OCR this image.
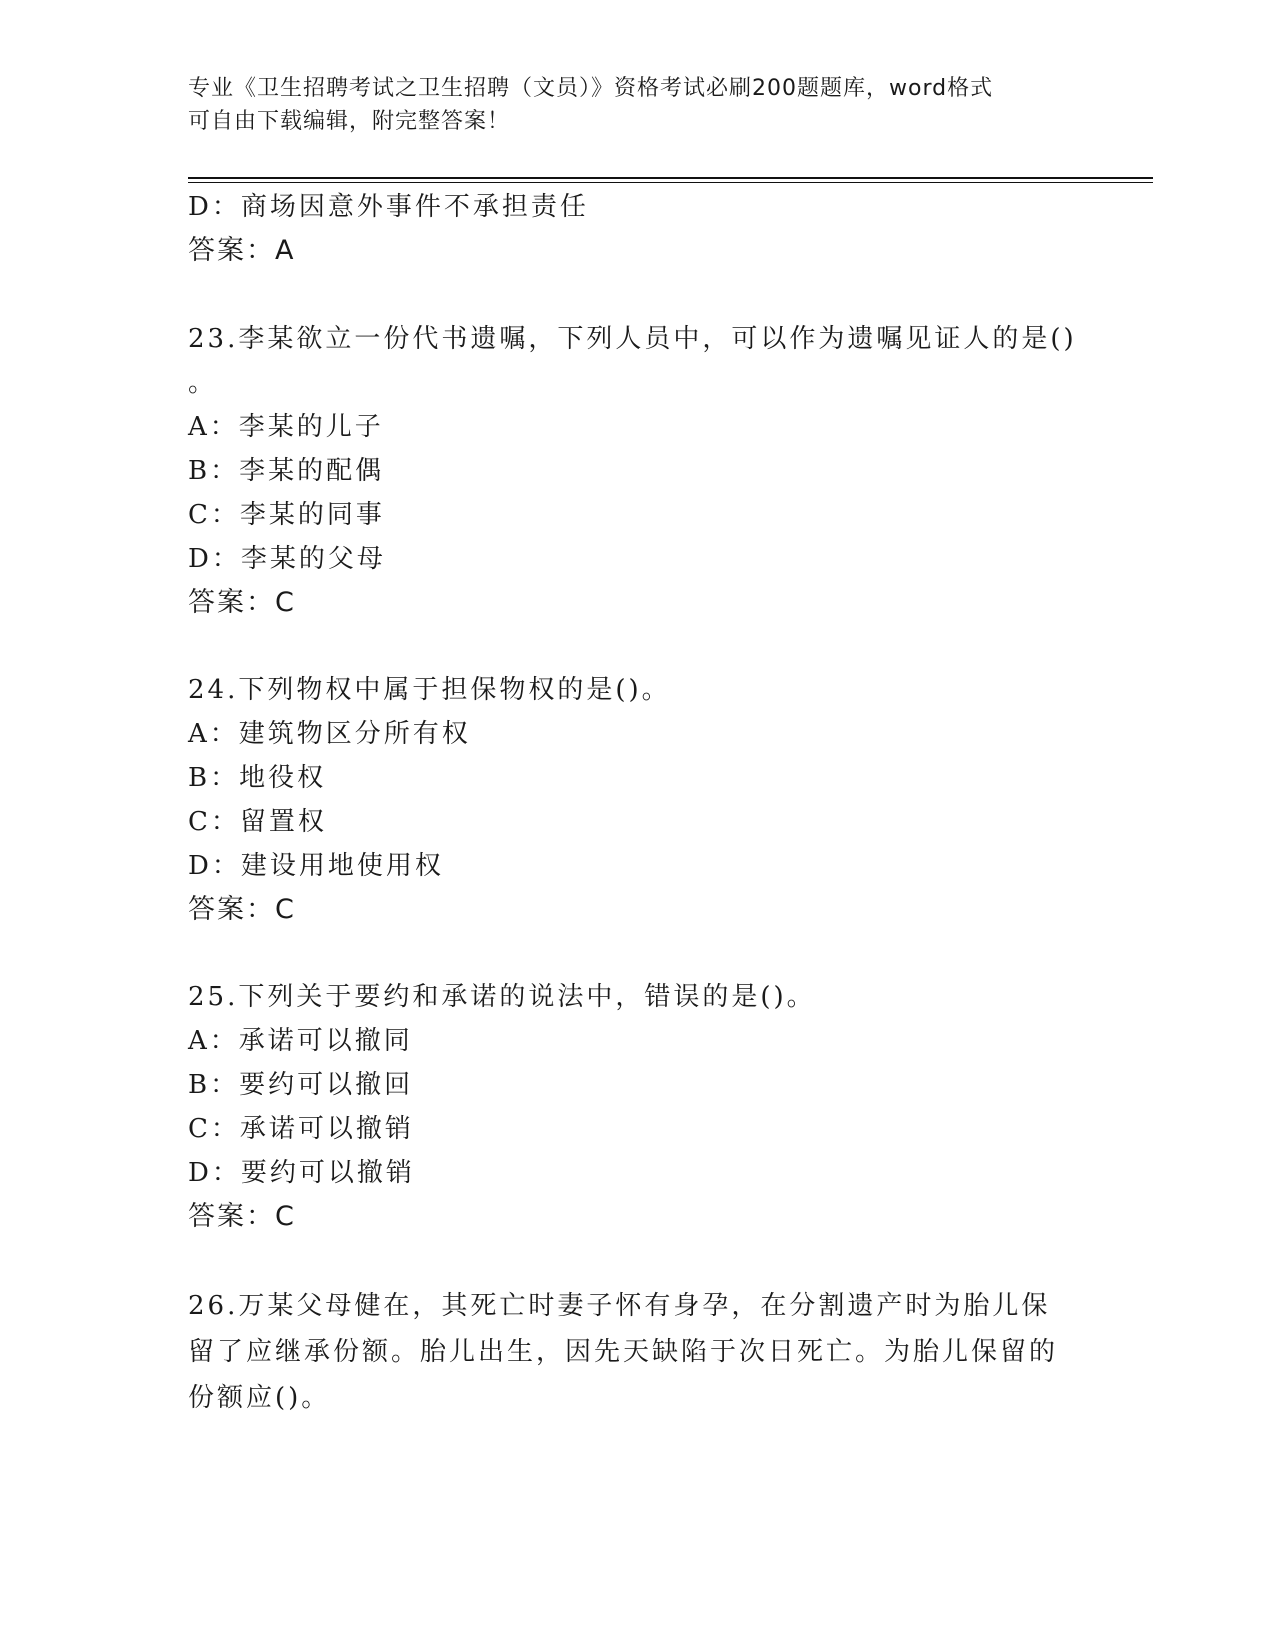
专业《卫生招聘考试之卫生招聘（文员）》资格考试必刷200题题库，word格式
可自由下载编辑，附完整答案！
D：商场因意外事件不承担责任
答案：A
23.李某欲立一份代书遗嘱，下列人员中，可以作为遗嘱见证人的是()
。
A：李某的儿子
B：李某的配偶
C：李某的同事
D：李某的父母
答案：C
24.下列物权中属于担保物权的是()。
A：建筑物区分所有权
B：地役权
C：留置权
D：建设用地使用权
答案：C
25.下列关于要约和承诺的说法中，错误的是()。
A：承诺可以撤同
B：要约可以撤回
C：承诺可以撤销
D：要约可以撤销
答案：C
26.万某父母健在，其死亡时妻子怀有身孕，在分割遗产时为胎儿保留了应继承份额。胎儿出生，因先天缺陷于次日死亡。为胎儿保留的份额应()。
